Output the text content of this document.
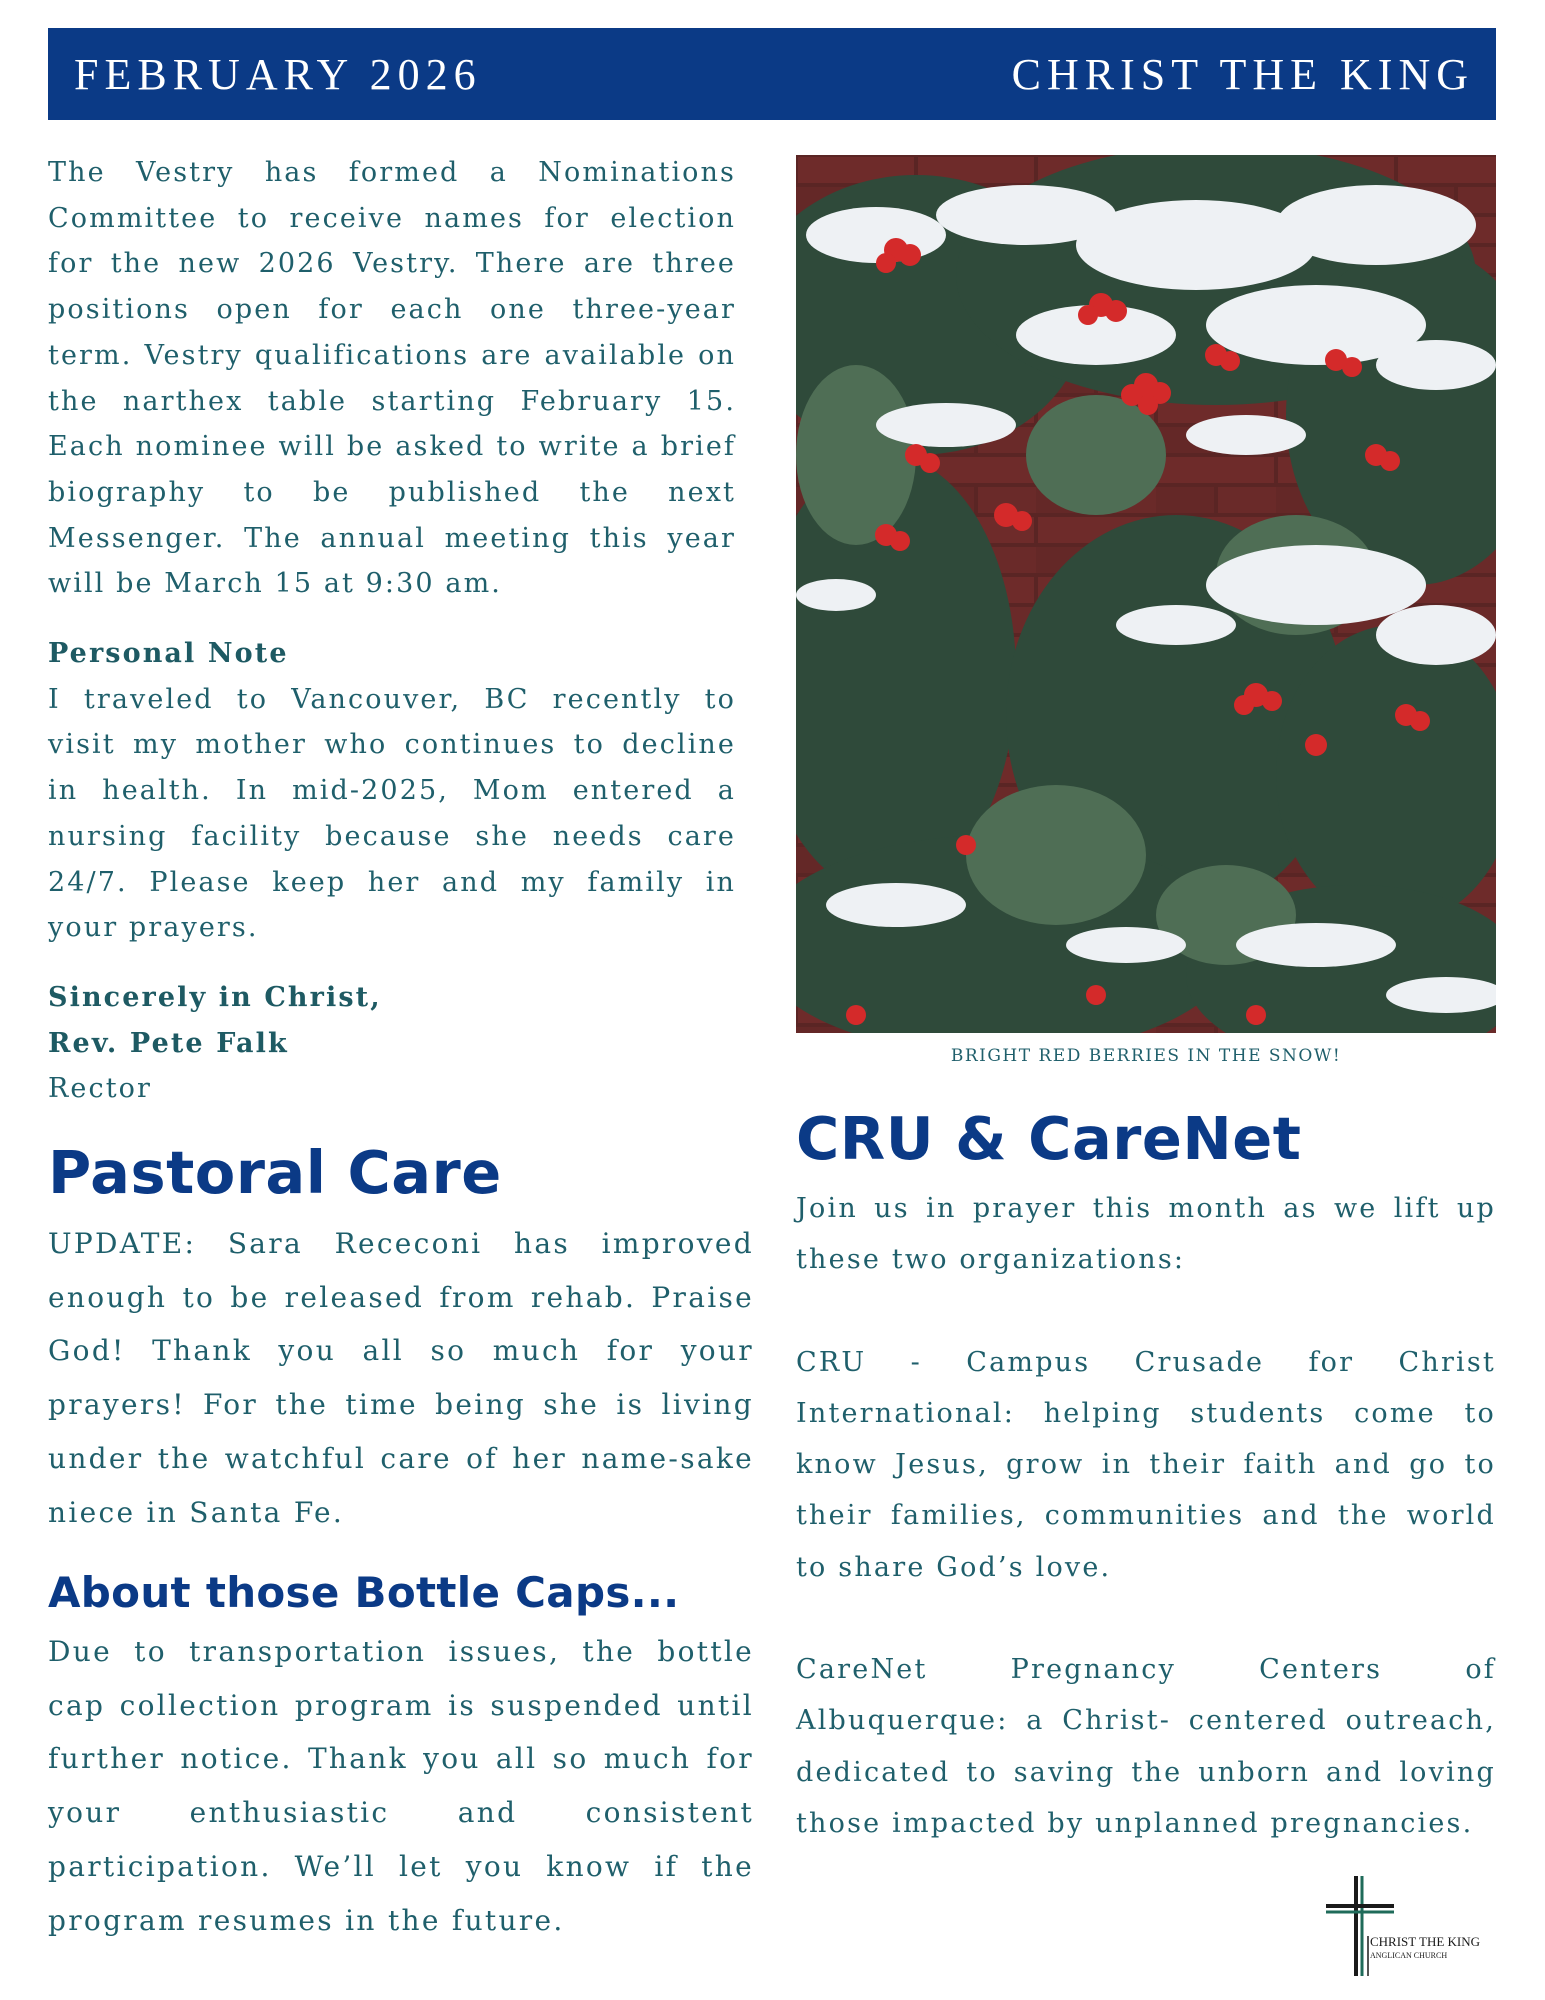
FEBRUARY 2026	CHRIST THE KING

The Vestry has formed a Nominations Committee to receive names for election for the new 2026 Vestry. There are three positions open for each one three-year term. Vestry qualifications are available on the narthex table starting February 15. Each nominee will be asked to write a brief biography to be published the next Messenger. The annual meeting this year will be March 15 at 9:30 am.

Personal Note

I traveled to Vancouver, BC recently to visit my mother who continues to decline in health. In mid-2025, Mom entered a nursing facility because she needs care 24/7. Please keep her and my family in your prayers.

Sincerely in Christ,

Rev. Pete Falk

Rector

Pastoral Care

UPDATE: Sara Receconi has improved enough to be released from rehab. Praise God! Thank you all so much for your prayers! For the time being she is living under the watchful care of her name-sake niece in Santa Fe.

About those Bottle Caps...

Due to transportation issues, the bottle cap collection program is suspended until further notice. Thank you all so much for your enthusiastic and consistent participation. We’ll let you know if the program resumes in the future.

BRIGHT RED BERRIES IN THE SNOW!
CRU & CareNet

Join us in prayer this month as we lift up these two organizations:

CRU - Campus Crusade for Christ International: helping students come to know Jesus, grow in their faith and go to their families, communities and the world to share God’s love.

CareNet Pregnancy Centers of Albuquerque: a Christ- centered outreach, dedicated to saving the unborn and loving those impacted by unplanned pregnancies.

CHRIST THE KING
ANGLICAN CHURCH
